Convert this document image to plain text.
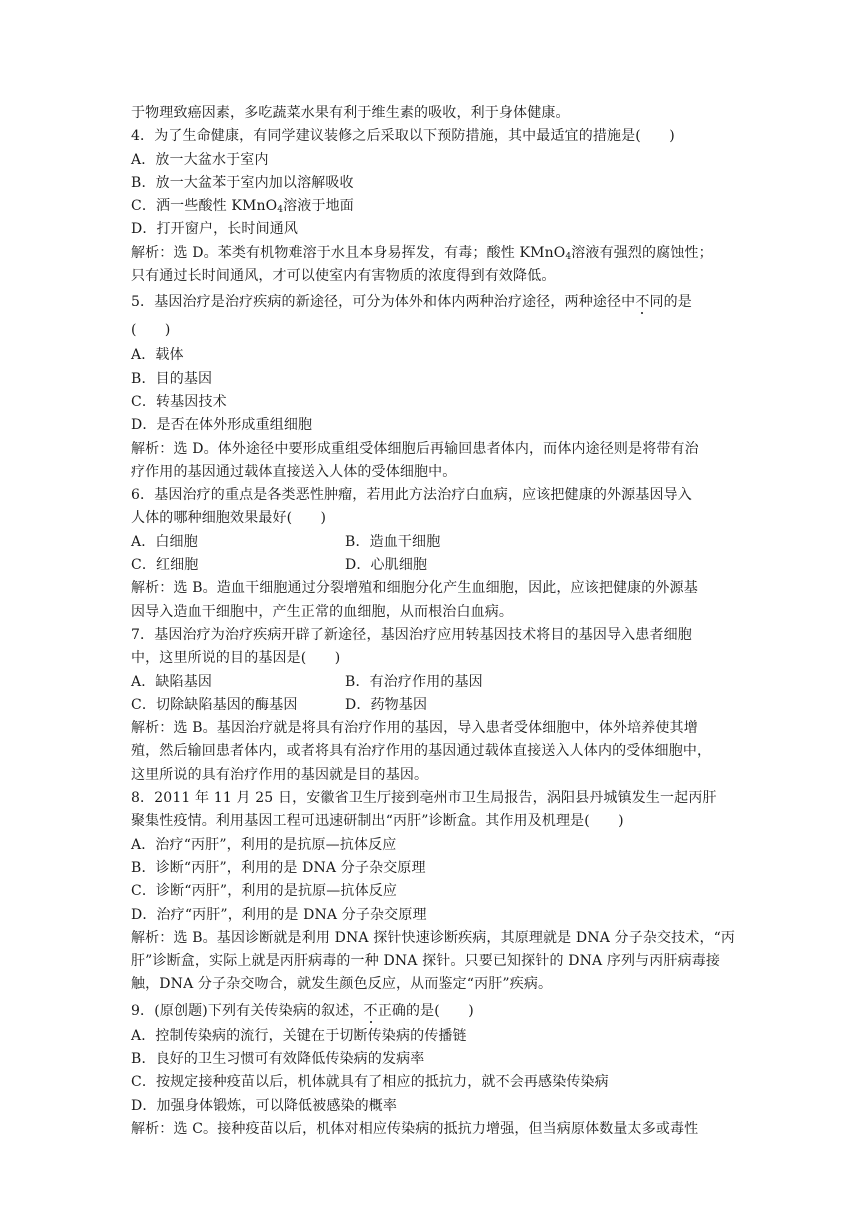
于物理致癌因素，多吃蔬菜水果有利于维生素的吸收，利于身体健康。
4．为了生命健康，有同学建议装修之后采取以下预防措施，其中最适宜的措施是(　　)
A．放一大盆水于室内
B．放一大盆苯于室内加以溶解吸收
C．洒一些酸性 KMnO$_4$溶液于地面
D．打开窗户，长时间通风
解析：选 D。苯类有机物难溶于水且本身易挥发，有毒；酸性 KMnO$_4$溶液有强烈的腐蚀性；
只有通过长时间通风，才可以使室内有害物质的浓度得到有效降低。
5．基因治疗是治疗疾病的新途径，可分为体外和体内两种治疗途径，两种途径中不同的是
(　　)
A．载体
B．目的基因
C．转基因技术
D．是否在体外形成重组细胞
解析：选 D。体外途径中要形成重组受体细胞后再输回患者体内，而体内途径则是将带有治
疗作用的基因通过载体直接送入人体的受体细胞中。
6．基因治疗的重点是各类恶性肿瘤，若用此方法治疗白血病，应该把健康的外源基因导入
人体的哪种细胞效果最好(　　)
A．白细胞	B．造血干细胞
C．红细胞	D．心肌细胞
解析：选 B。造血干细胞通过分裂增殖和细胞分化产生血细胞，因此，应该把健康的外源基
因导入造血干细胞中，产生正常的血细胞，从而根治白血病。
7．基因治疗为治疗疾病开辟了新途径，基因治疗应用转基因技术将目的基因导入患者细胞
中，这里所说的目的基因是(　　)
A．缺陷基因	B．有治疗作用的基因
C．切除缺陷基因的酶基因	D．药物基因
解析：选 B。基因治疗就是将具有治疗作用的基因，导入患者受体细胞中，体外培养使其增
殖，然后输回患者体内，或者将具有治疗作用的基因通过载体直接送入人体内的受体细胞中，
这里所说的具有治疗作用的基因就是目的基因。
8．2011 年 11 月 25 日，安徽省卫生厅接到亳州市卫生局报告，涡阳县丹城镇发生一起丙肝
聚集性疫情。利用基因工程可迅速研制出“丙肝”诊断盒。其作用及机理是(　　)
A．治疗“丙肝”，利用的是抗原—抗体反应
B．诊断“丙肝”，利用的是 DNA 分子杂交原理
C．诊断“丙肝”，利用的是抗原—抗体反应
D．治疗“丙肝”，利用的是 DNA 分子杂交原理
解析：选 B。基因诊断就是利用 DNA 探针快速诊断疾病，其原理就是 DNA 分子杂交技术，“丙
肝”诊断盒，实际上就是丙肝病毒的一种 DNA 探针。只要已知探针的 DNA 序列与丙肝病毒接
触，DNA 分子杂交吻合，就发生颜色反应，从而鉴定“丙肝”疾病。
9．(原创题)下列有关传染病的叙述，不正确的是(　　)
A．控制传染病的流行，关键在于切断传染病的传播链
B．良好的卫生习惯可有效降低传染病的发病率
C．按规定接种疫苗以后，机体就具有了相应的抵抗力，就不会再感染传染病
D．加强身体锻炼，可以降低被感染的概率
解析：选 C。接种疫苗以后，机体对相应传染病的抵抗力增强，但当病原体数量太多或毒性
